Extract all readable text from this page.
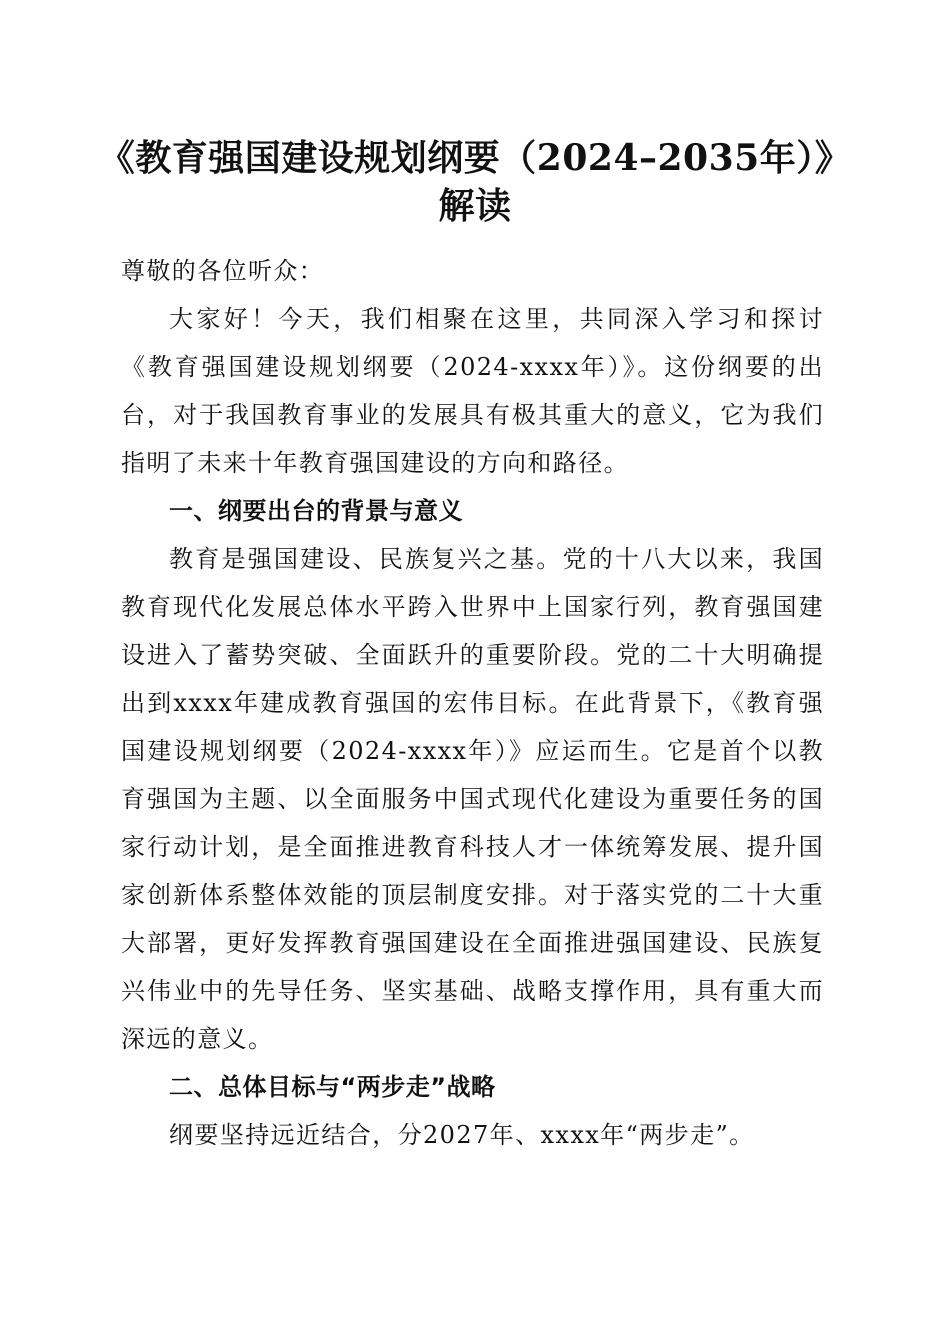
《教育强国建设规划纲要（2024–2035年）》
解读

尊敬的各位听众：

大家好！今天，我们相聚在这里，共同深入学习和探讨《教育强国建设规划纲要（2024-xxxx年）》。这份纲要的出台，对于我国教育事业的发展具有极其重大的意义，它为我们指明了未来十年教育强国建设的方向和路径。

一、纲要出台的背景与意义

教育是强国建设、民族复兴之基。党的十八大以来，我国教育现代化发展总体水平跨入世界中上国家行列，教育强国建设进入了蓄势突破、全面跃升的重要阶段。党的二十大明确提出到xxxx年建成教育强国的宏伟目标。在此背景下，《教育强国建设规划纲要（2024-xxxx年）》应运而生。它是首个以教育强国为主题、以全面服务中国式现代化建设为重要任务的国家行动计划，是全面推进教育科技人才一体统筹发展、提升国家创新体系整体效能的顶层制度安排。对于落实党的二十大重大部署，更好发挥教育强国建设在全面推进强国建设、民族复兴伟业中的先导任务、坚实基础、战略支撑作用，具有重大而深远的意义。

二、总体目标与“两步走”战略

纲要坚持远近结合，分2027年、xxxx年“两步走”。
